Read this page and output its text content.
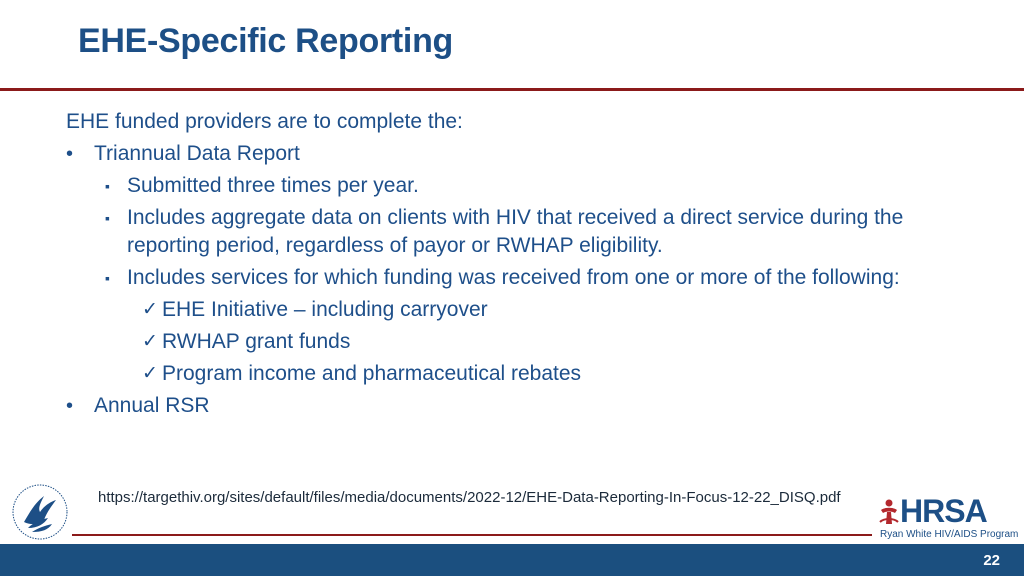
EHE-Specific Reporting

EHE funded providers are to complete the:

• Triannual Data Report

▪ Submitted three times per year.

▪ Includes aggregate data on clients with HIV that received a direct service during the reporting period, regardless of payor or RWHAP eligibility.

▪ Includes services for which funding was received from one or more of the following:

✓ EHE Initiative – including carryover

✓ RWHAP grant funds

✓ Program income and pharmaceutical rebates

• Annual RSR

https://targethiv.org/sites/default/files/media/documents/2022-12/EHE-Data-Reporting-In-Focus-12-22_DISQ.pdf	HRSA
Ryan White HIV/AIDS Program
22
